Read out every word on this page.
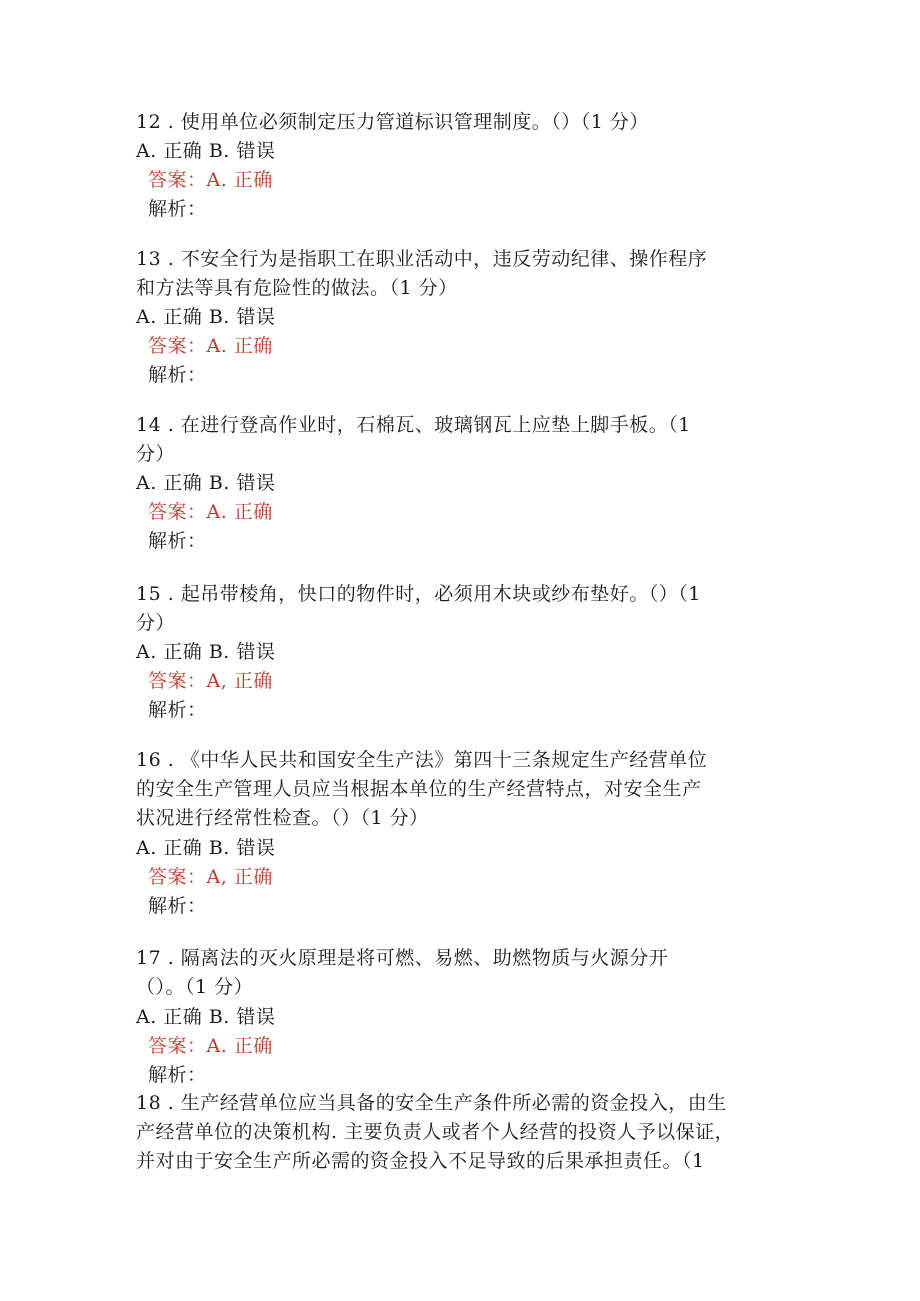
12 . 使用单位必须制定压力管道标识管理制度。（）（1 分）
A. 正确 B. 错误
答案：A. 正确
解析：
13 . 不安全行为是指职工在职业活动中，违反劳动纪律、操作程序
和方法等具有危险性的做法。（1 分）
A. 正确 B. 错误
答案：A. 正确
解析：
14 . 在进行登高作业时，石棉瓦、玻璃钢瓦上应垫上脚手板。（1
分）
A. 正确 B. 错误
答案：A. 正确
解析：
15 . 起吊带棱角，快口的物件时，必须用木块或纱布垫好。（）（1
分）
A. 正确 B. 错误
答案：A, 正确
解析：
16 . 《中华人民共和国安全生产法》第四十三条规定生产经营单位
的安全生产管理人员应当根据本单位的生产经营特点，对安全生产
状况进行经常性检查。（）（1 分）
A. 正确 B. 错误
答案：A, 正确
解析：
17 . 隔离法的灭火原理是将可燃、易燃、助燃物质与火源分开
（）。（1 分）
A. 正确 B. 错误
答案：A. 正确
解析：
18 . 生产经营单位应当具备的安全生产条件所必需的资金投入，由生
产经营单位的决策机构. 主要负责人或者个人经营的投资人予以保证，
并对由于安全生产所必需的资金投入不足导致的后果承担责任。（1
